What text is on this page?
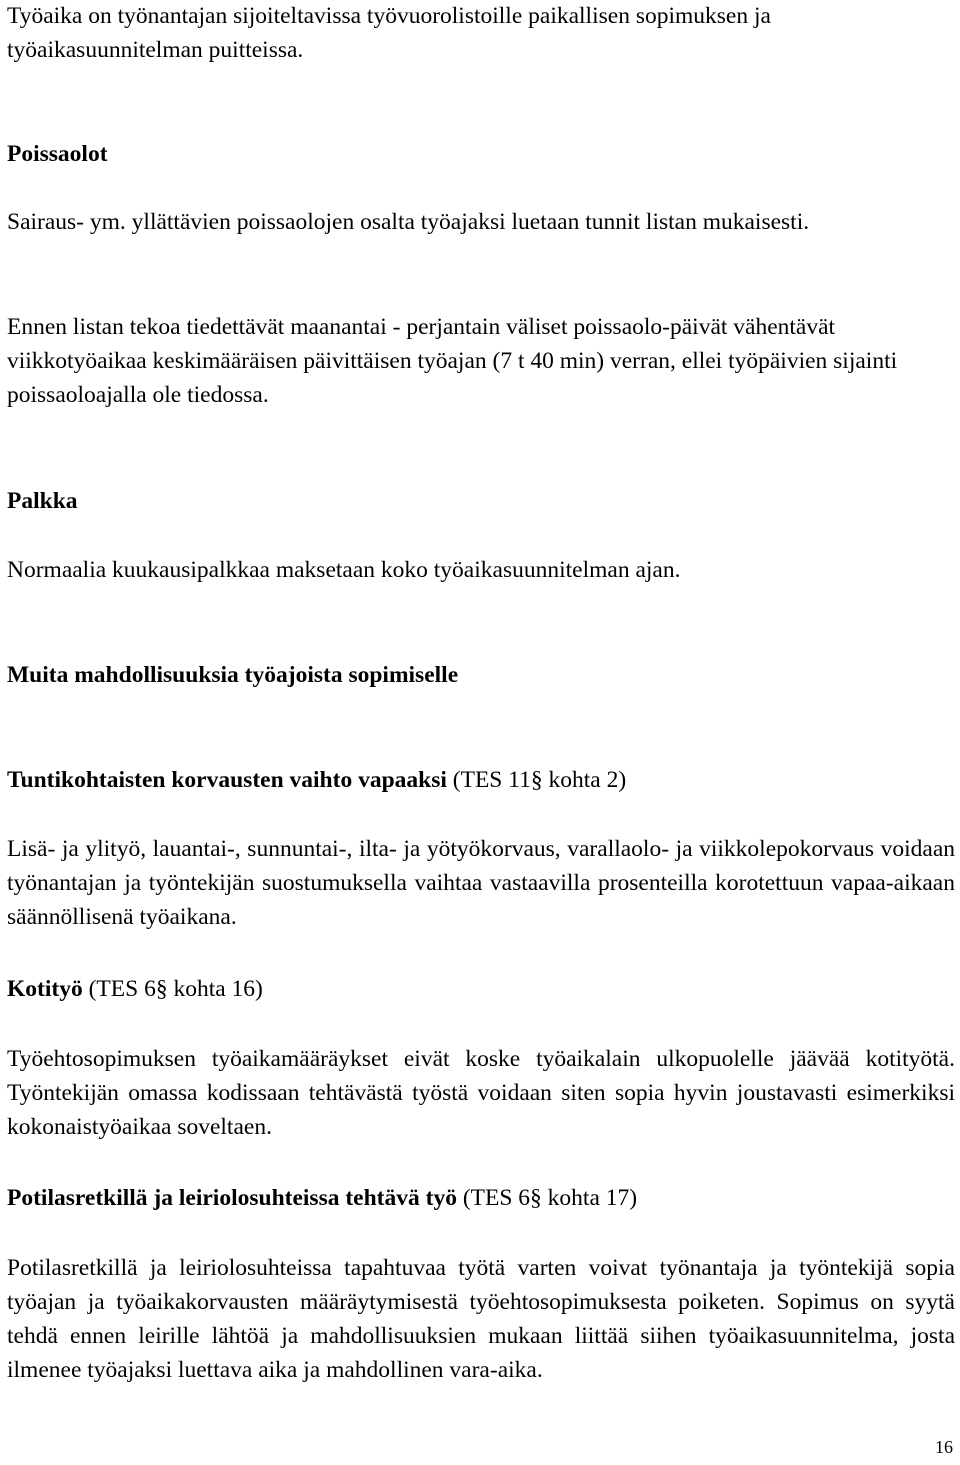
Työaika on työnantajan sijoiteltavissa työvuorolistoille paikallisen sopimuksen ja työaikasuunnitelman puitteissa.

Poissaolot

Sairaus- ym. yllättävien poissaolojen osalta työajaksi luetaan tunnit listan mukaisesti.

Ennen listan tekoa tiedettävät maanantai - perjantain väliset poissaolo-päivät vähentävät viikkotyöaikaa keskimääräisen päivittäisen työajan (7 t 40 min) verran, ellei työpäivien sijainti poissaoloajalla ole tiedossa.

Palkka

Normaalia kuukausipalkkaa maksetaan koko työaikasuunnitelman ajan.

Muita mahdollisuuksia työajoista sopimiselle

Tuntikohtaisten korvausten vaihto vapaaksi (TES 11§ kohta 2)

Lisä- ja ylityö, lauantai-, sunnuntai-, ilta- ja yötyökorvaus, varallaolo- ja viikkolepokorvaus voidaan työnantajan ja työntekijän suostumuksella vaihtaa vastaavilla prosenteilla korotettuun vapaa-aikaan säännöllisenä työaikana.

Kotityö (TES 6§ kohta 16)

Työehtosopimuksen työaikamääräykset eivät koske työaikalain ulkopuolelle jäävää kotityötä. Työntekijän omassa kodissaan tehtävästä työstä voidaan siten sopia hyvin joustavasti esimerkiksi kokonaistyöaikaa soveltaen.

Potilasretkillä ja leiriolosuhteissa tehtävä työ (TES 6§ kohta 17)

Potilasretkillä ja leiriolosuhteissa tapahtuvaa työtä varten voivat työnantaja ja työntekijä sopia työajan ja työaikakorvausten määräytymisestä työehtosopimuksesta poiketen. Sopimus on syytä tehdä ennen leirille lähtöä ja mahdollisuuksien mukaan liittää siihen työaikasuunnitelma, josta ilmenee työajaksi luettava aika ja mahdollinen vara-aika.

16
